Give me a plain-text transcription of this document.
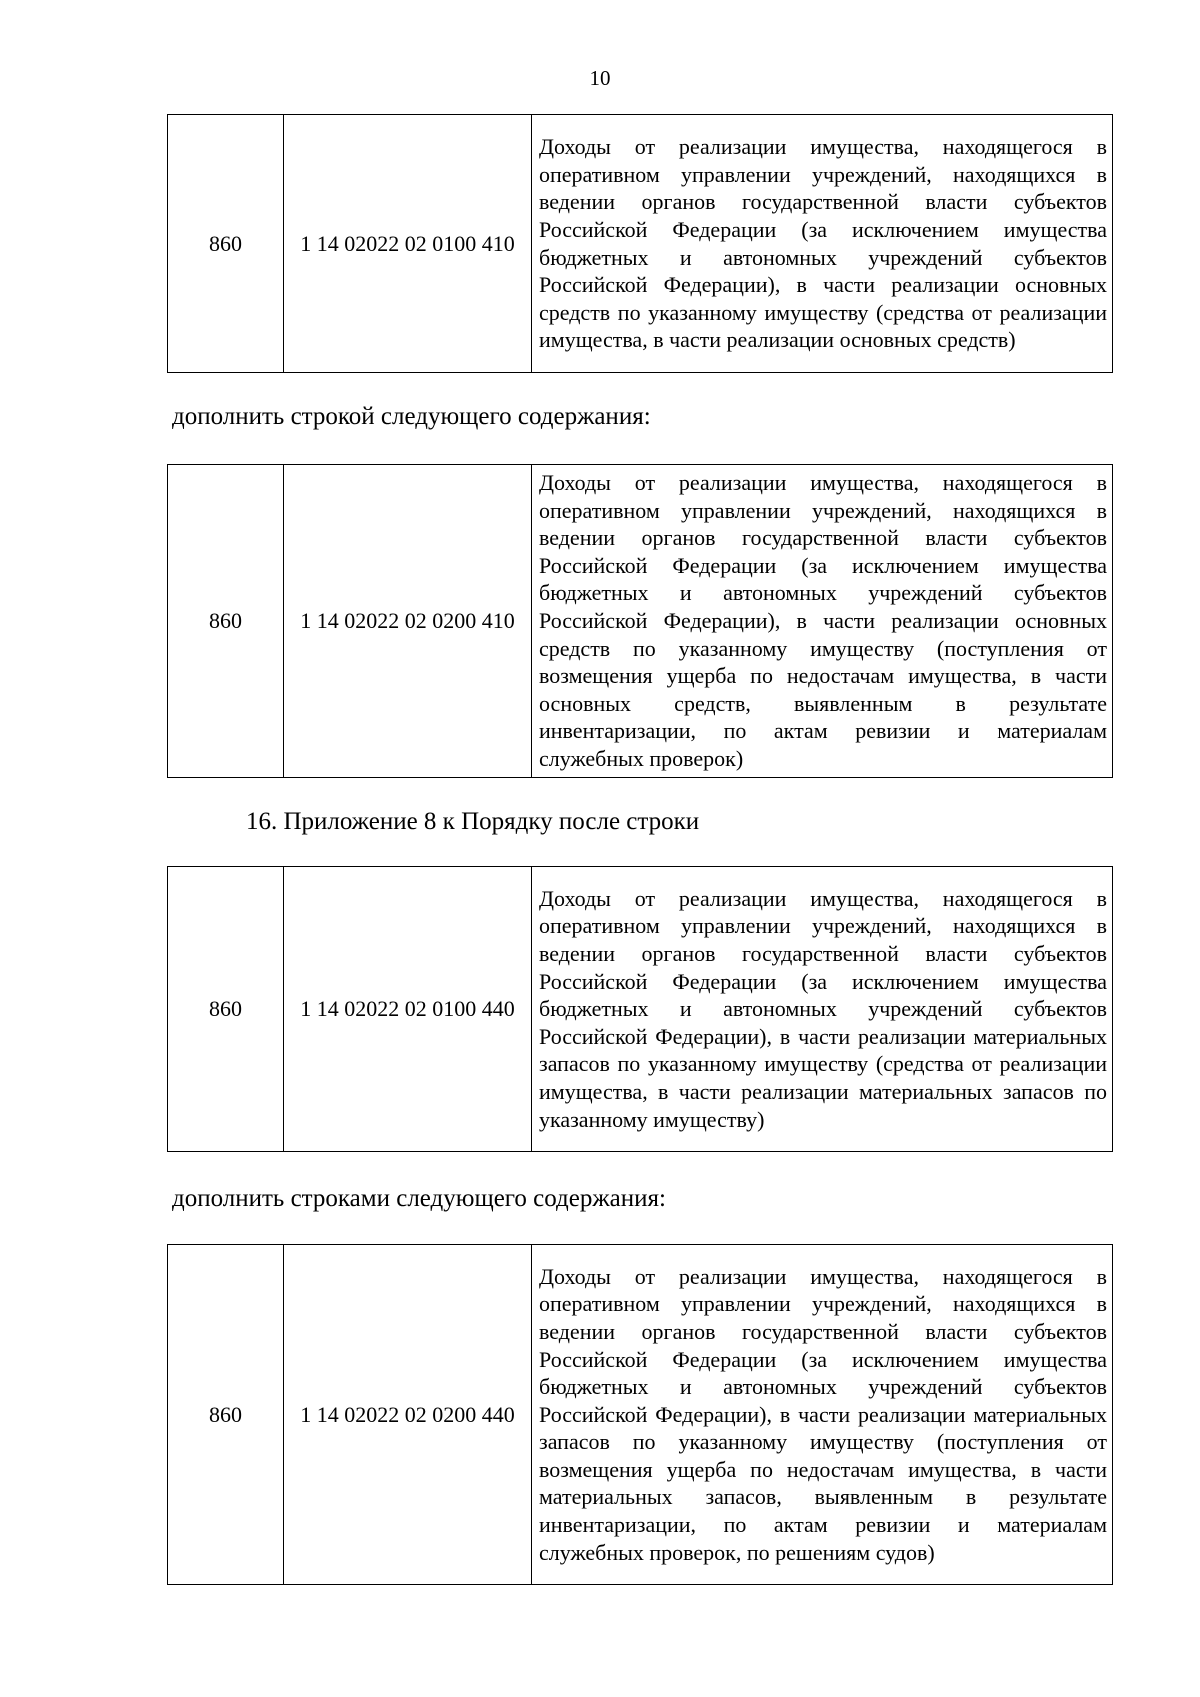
10
860	1 14 02022 02 0100 410	Доходы от реализации имущества, находящегося в оперативном управлении учреждений, находящихся в ведении органов государственной власти субъектов Российской Федерации (за исключением имущества бюджетных и автономных учреждений субъектов Российской Федерации), в части реализации основных средств по указанному имуществу (средства от реализации имущества, в части реализации основных средств)
дополнить строкой следующего содержания:
860	1 14 02022 02 0200 410	Доходы от реализации имущества, находящегося в оперативном управлении учреждений, находящихся в ведении органов государственной власти субъектов Российской Федерации (за исключением имущества бюджетных и автономных учреждений субъектов Российской Федерации), в части реализации основных средств по указанному имуществу (поступления от возмещения ущерба по недостачам имущества, в части основных средств, выявленным в результате инвентаризации, по актам ревизии и материалам служебных проверок)
16. Приложение 8 к Порядку после строки
860	1 14 02022 02 0100 440	Доходы от реализации имущества, находящегося в оперативном управлении учреждений, находящихся в ведении органов государственной власти субъектов Российской Федерации (за исключением имущества бюджетных и автономных учреждений субъектов Российской Федерации), в части реализации материальных запасов по указанному имуществу (средства от реализации имущества, в части реализации материальных запасов по указанному имуществу)
дополнить строками следующего содержания:
860	1 14 02022 02 0200 440	Доходы от реализации имущества, находящегося в оперативном управлении учреждений, находящихся в ведении органов государственной власти субъектов Российской Федерации (за исключением имущества бюджетных и автономных учреждений субъектов Российской Федерации), в части реализации материальных запасов по указанному имуществу (поступления от возмещения ущерба по недостачам имущества, в части материальных запасов, выявленным в результате инвентаризации, по актам ревизии и материалам служебных проверок, по решениям судов)
